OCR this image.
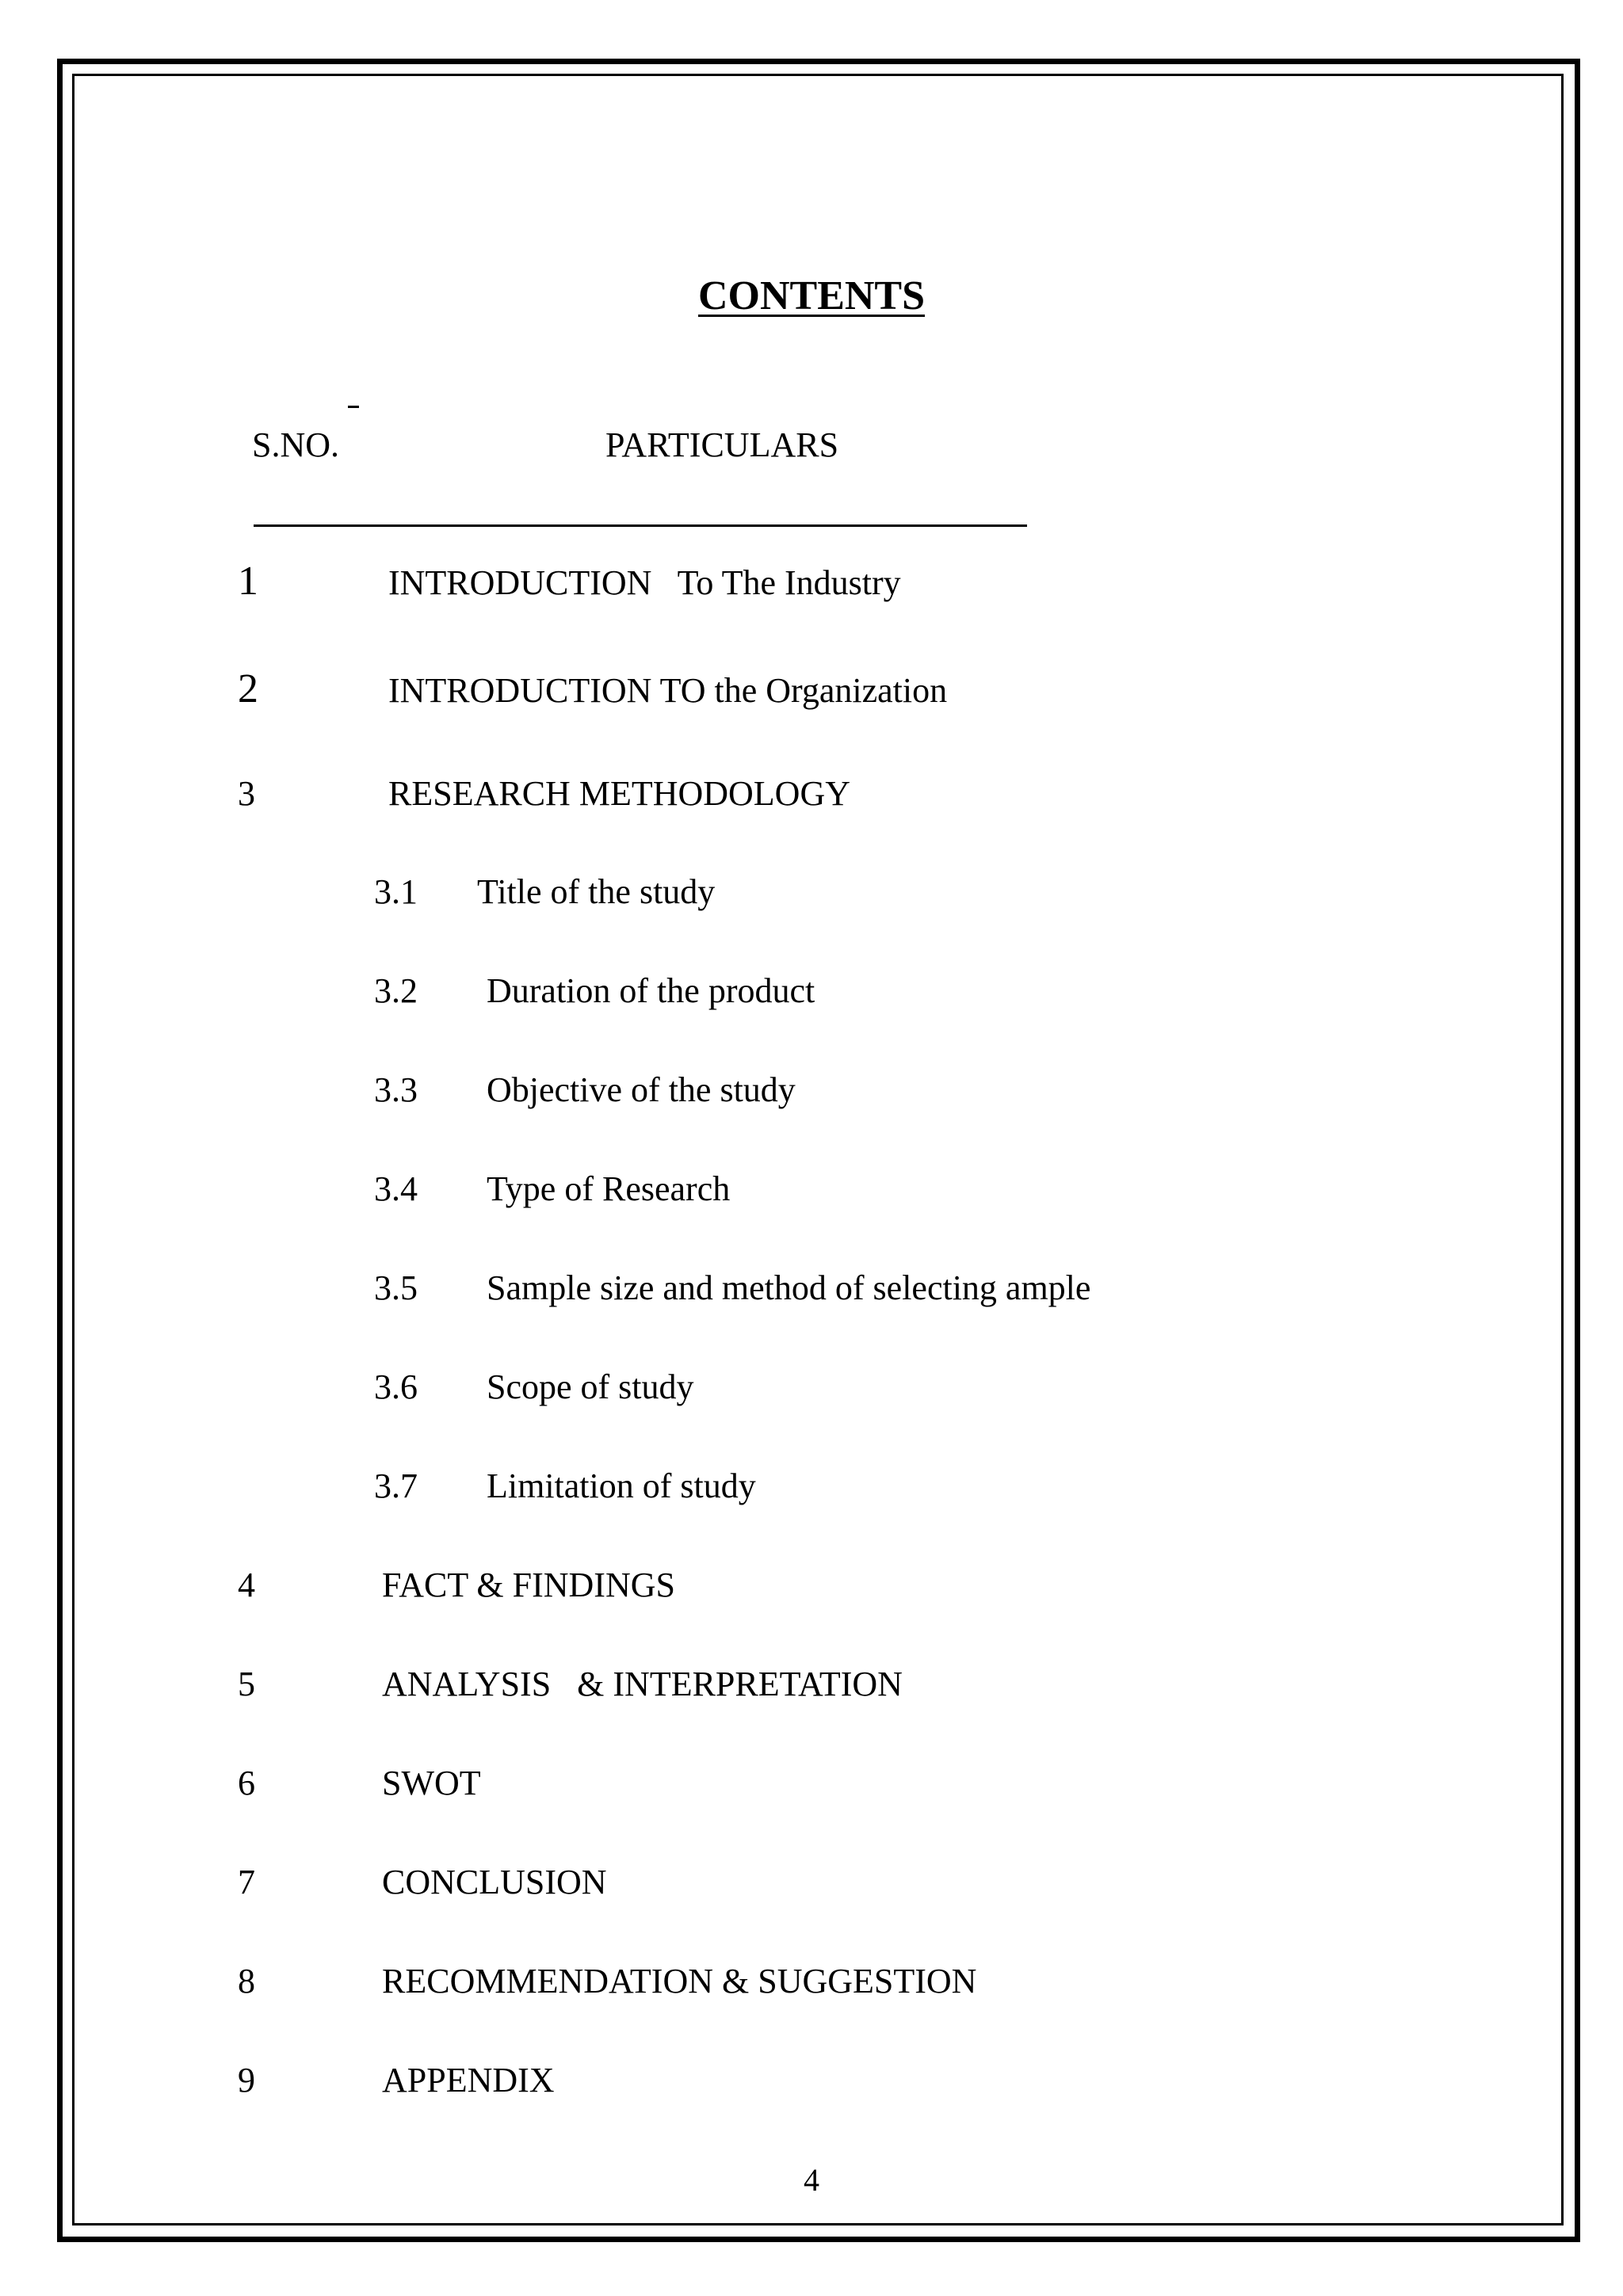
CONTENTS
S.NO.	PARTICULARS
1	INTRODUCTION   To The Industry
2	INTRODUCTION TO the Organization
3	RESEARCH METHODOLOGY
3.1 Title of the study
3.2 Duration of the product
3.3 Objective of the study
3.4 Type of Research
3.5 Sample size and method of selecting ample
3.6 Scope of study
3.7 Limitation of study
4	FACT & FINDINGS
5	ANALYSIS   & INTERPRETATION
6	SWOT
7	CONCLUSION
8	RECOMMENDATION & SUGGESTION
9	APPENDIX
4
